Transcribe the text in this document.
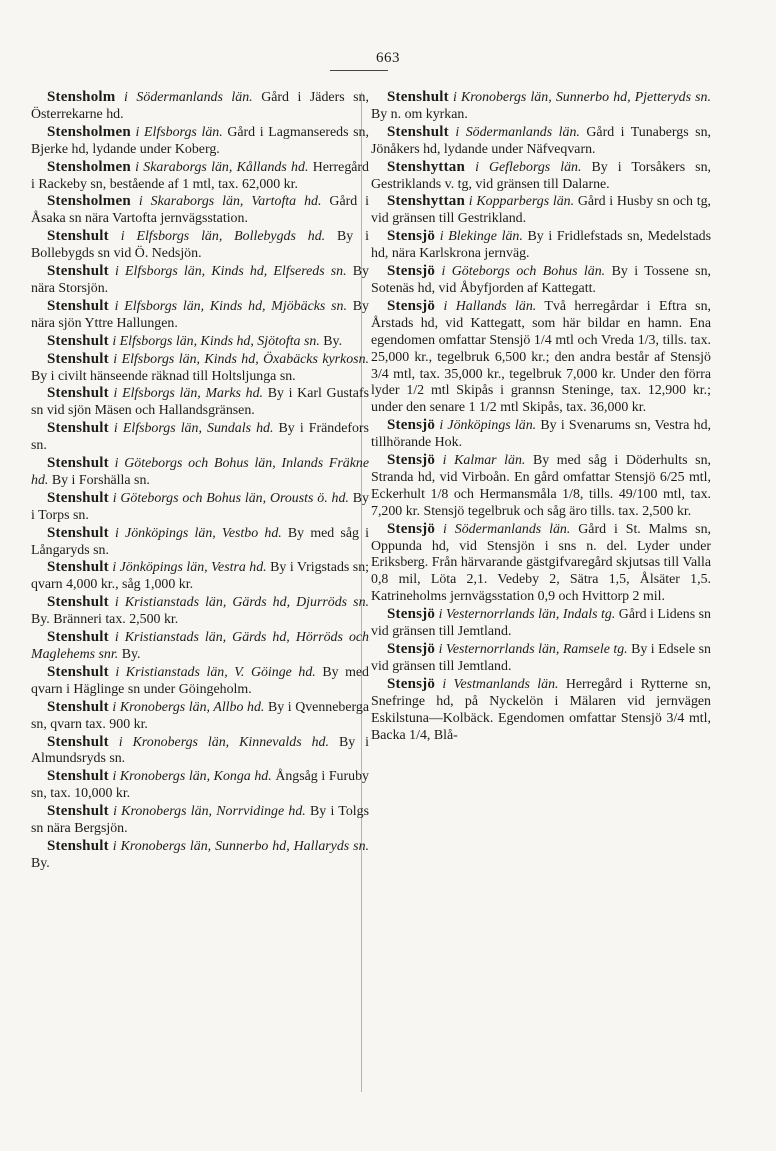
663

Stensholm i Södermanlands län. Gård i Jäders sn, Österrekarne hd.

Stensholmen i Elfsborgs län. Gård i Lagmansereds sn, Bjerke hd, lydande under Koberg.

Stensholmen i Skaraborgs län, Kållands hd. Herregård i Rackeby sn, bestående af 1 mtl, tax. 62,000 kr.

Stensholmen i Skaraborgs län, Vartofta hd. Gård i Åsaka sn nära Vartofta jernvägsstation.

Stenshult i Elfsborgs län, Bollebygds hd. By i Bollebygds sn vid Ö. Nedsjön.

Stenshult i Elfsborgs län, Kinds hd, Elfsereds sn. By nära Storsjön.

Stenshult i Elfsborgs län, Kinds hd, Mjöbäcks sn. By nära sjön Yttre Hallungen.

Stenshult i Elfsborgs län, Kinds hd, Sjötofta sn. By.

Stenshult i Elfsborgs län, Kinds hd, Öxabäcks kyrkosn. By i civilt hänseende räknad till Holtsljunga sn.

Stenshult i Elfsborgs län, Marks hd. By i Karl Gustafs sn vid sjön Mäsen och Hallandsgränsen.

Stenshult i Elfsborgs län, Sundals hd. By i Frändefors sn.

Stenshult i Göteborgs och Bohus län, Inlands Fräkne hd. By i Forshälla sn.

Stenshult i Göteborgs och Bohus län, Orousts ö. hd. By i Torps sn.

Stenshult i Jönköpings län, Vestbo hd. By med såg i Långaryds sn.

Stenshult i Jönköpings län, Vestra hd. By i Vrigstads sn; qvarn 4,000 kr., såg 1,000 kr.

Stenshult i Kristianstads län, Gärds hd, Djurröds sn. By. Bränneri tax. 2,500 kr.

Stenshult i Kristianstads län, Gärds hd, Hörröds och Maglehems snr. By.

Stenshult i Kristianstads län, V. Göinge hd. By med qvarn i Häglinge sn under Göingeholm.

Stenshult i Kronobergs län, Allbo hd. By i Qvenneberga sn, qvarn tax. 900 kr.

Stenshult i Kronobergs län, Kinnevalds hd. By i Almundsryds sn.

Stenshult i Kronobergs län, Konga hd. Ångsåg i Furuby sn, tax. 10,000 kr.

Stenshult i Kronobergs län, Norrvidinge hd. By i Tolgs sn nära Bergsjön.

Stenshult i Kronobergs län, Sunnerbo hd, Hallaryds sn. By.

Stenshult i Kronobergs län, Sunnerbo hd, Pjetteryds sn. By n. om kyrkan.

Stenshult i Södermanlands län. Gård i Tunabergs sn, Jönåkers hd, lydande under Näfveqvarn.

Stenshyttan i Gefleborgs län. By i Torsåkers sn, Gestriklands v. tg, vid gränsen till Dalarne.

Stenshyttan i Kopparbergs län. Gård i Husby sn och tg, vid gränsen till Gestrikland.

Stensjö i Blekinge län. By i Fridlefstads sn, Medelstads hd, nära Karlskrona jernväg.

Stensjö i Göteborgs och Bohus län. By i Tossene sn, Sotenäs hd, vid Åbyfjorden af Kattegatt.

Stensjö i Hallands län. Två herregårdar i Eftra sn, Årstads hd, vid Kattegatt, som här bildar en hamn. Ena egendomen omfattar Stensjö 1/4 mtl och Vreda 1/3, tills. tax. 25,000 kr., tegelbruk 6,500 kr.; den andra består af Stensjö 3/4 mtl, tax. 35,000 kr., tegelbruk 7,000 kr. Under den förra lyder 1/2 mtl Skipås i grannsn Steninge, tax. 12,900 kr.; under den senare 1 1/2 mtl Skipås, tax. 36,000 kr.

Stensjö i Jönköpings län. By i Svenarums sn, Vestra hd, tillhörande Hok.

Stensjö i Kalmar län. By med såg i Döderhults sn, Stranda hd, vid Virboån. En gård omfattar Stensjö 6/25 mtl, Eckerhult 1/8 och Hermansmåla 1/8, tills. 49/100 mtl, tax. 7,200 kr. Stensjö tegelbruk och såg äro tills. tax. 2,500 kr.

Stensjö i Södermanlands län. Gård i St. Malms sn, Oppunda hd, vid Stensjön i sns n. del. Lyder under Eriksberg. Från härvarande gästgifvaregård skjutsas till Valla 0,8 mil, Löta 2,1. Vedeby 2, Sätra 1,5, Ålsäter 1,5. Katrineholms jernvägsstation 0,9 och Hvittorp 2 mil.

Stensjö i Vesternorrlands län, Indals tg. Gård i Lidens sn vid gränsen till Jemtland.

Stensjö i Vesternorrlands län, Ramsele tg. By i Edsele sn vid gränsen till Jemtland.

Stensjö i Vestmanlands län. Herregård i Rytterne sn, Snefringe hd, på Nyckelön i Mälaren vid jernvägen Eskilstuna—Kolbäck. Egendomen omfattar Stensjö 3/4 mtl, Backa 1/4, Blå-
